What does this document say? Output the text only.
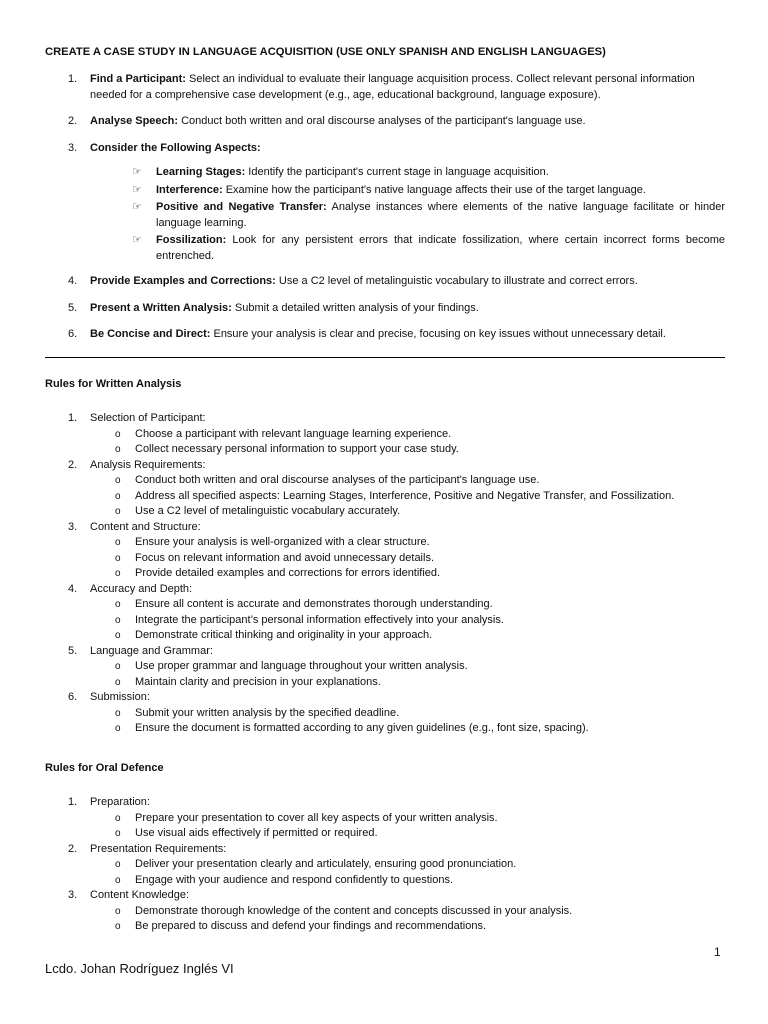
CREATE A CASE STUDY IN LANGUAGE ACQUISITION (USE ONLY SPANISH AND ENGLISH LANGUAGES)
1. Find a Participant: Select an individual to evaluate their language acquisition process. Collect relevant personal information needed for a comprehensive case development (e.g., age, educational background, language exposure).
2. Analyse Speech: Conduct both written and oral discourse analyses of the participant's language use.
3. Consider the Following Aspects:
☞ Learning Stages: Identify the participant's current stage in language acquisition.
☞ Interference: Examine how the participant's native language affects their use of the target language.
☞ Positive and Negative Transfer: Analyse instances where elements of the native language facilitate or hinder language learning.
☞ Fossilization: Look for any persistent errors that indicate fossilization, where certain incorrect forms become entrenched.
4. Provide Examples and Corrections: Use a C2 level of metalinguistic vocabulary to illustrate and correct errors.
5. Present a Written Analysis: Submit a detailed written analysis of your findings.
6. Be Concise and Direct: Ensure your analysis is clear and precise, focusing on key issues without unnecessary detail.
Rules for Written Analysis
1. Selection of Participant:
o Choose a participant with relevant language learning experience.
o Collect necessary personal information to support your case study.
2. Analysis Requirements:
o Conduct both written and oral discourse analyses of the participant's language use.
o Address all specified aspects: Learning Stages, Interference, Positive and Negative Transfer, and Fossilization.
o Use a C2 level of metalinguistic vocabulary accurately.
3. Content and Structure:
o Ensure your analysis is well-organized with a clear structure.
o Focus on relevant information and avoid unnecessary details.
o Provide detailed examples and corrections for errors identified.
4. Accuracy and Depth:
o Ensure all content is accurate and demonstrates thorough understanding.
o Integrate the participant’s personal information effectively into your analysis.
o Demonstrate critical thinking and originality in your approach.
5. Language and Grammar:
o Use proper grammar and language throughout your written analysis.
o Maintain clarity and precision in your explanations.
6. Submission:
o Submit your written analysis by the specified deadline.
o Ensure the document is formatted according to any given guidelines (e.g., font size, spacing).
Rules for Oral Defence
1. Preparation:
o Prepare your presentation to cover all key aspects of your written analysis.
o Use visual aids effectively if permitted or required.
2. Presentation Requirements:
o Deliver your presentation clearly and articulately, ensuring good pronunciation.
o Engage with your audience and respond confidently to questions.
3. Content Knowledge:
o Demonstrate thorough knowledge of the content and concepts discussed in your analysis.
o Be prepared to discuss and defend your findings and recommendations.
1
Lcdo. Johan Rodríguez Inglés VI
